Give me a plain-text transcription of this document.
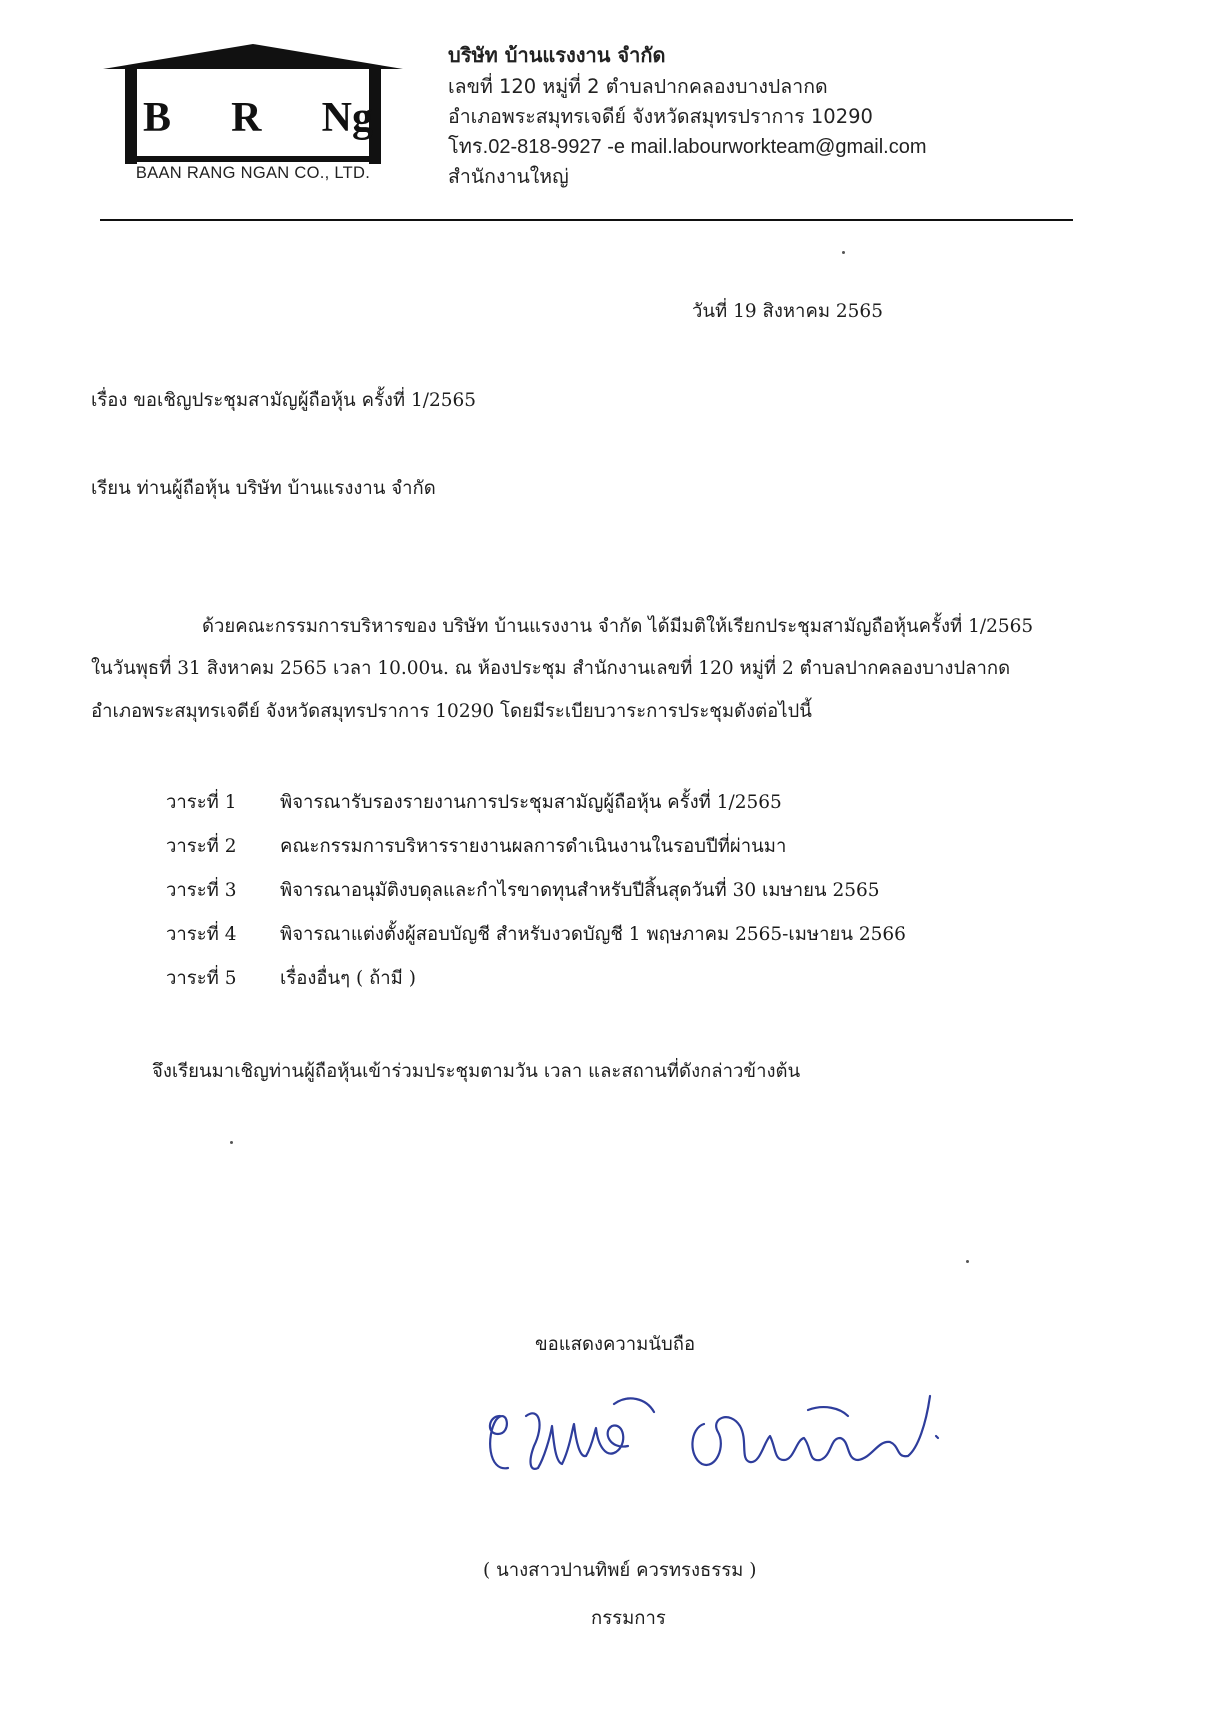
B R Ng
BAAN RANG NGAN CO., LTD.
บริษัท บ้านแรงงาน จำกัด
เลขที่ 120 หมู่ที่ 2 ตำบลปากคลองบางปลากด
อำเภอพระสมุทรเจดีย์ จังหวัดสมุทรปราการ 10290
โทร.02-818-9927 -e mail.labourworkteam@gmail.com
สำนักงานใหญ่
วันที่ 19 สิงหาคม 2565
เรื่อง ขอเชิญประชุมสามัญผู้ถือหุ้น ครั้งที่ 1/2565
เรียน ท่านผู้ถือหุ้น บริษัท บ้านแรงงาน จำกัด
ด้วยคณะกรรมการบริหารของ บริษัท บ้านแรงงาน จำกัด ได้มีมติให้เรียกประชุมสามัญถือหุ้นครั้งที่ 1/2565
ในวันพุธที่ 31 สิงหาคม 2565 เวลา 10.00น. ณ ห้องประชุม สำนักงานเลขที่ 120 หมู่ที่ 2 ตำบลปากคลองบางปลากด
อำเภอพระสมุทรเจดีย์ จังหวัดสมุทรปราการ 10290 โดยมีระเบียบวาระการประชุมดังต่อไปนี้
วาระที่ 1 พิจารณารับรองรายงานการประชุมสามัญผู้ถือหุ้น ครั้งที่ 1/2565
วาระที่ 2 คณะกรรมการบริหารรายงานผลการดำเนินงานในรอบปีที่ผ่านมา
วาระที่ 3 พิจารณาอนุมัติงบดุลและกำไรขาดทุนสำหรับปีสิ้นสุดวันที่ 30 เมษายน 2565
วาระที่ 4 พิจารณาแต่งตั้งผู้สอบบัญชี สำหรับงวดบัญชี 1 พฤษภาคม 2565-เมษายน 2566
วาระที่ 5 เรื่องอื่นๆ ( ถ้ามี )
จึงเรียนมาเชิญท่านผู้ถือหุ้นเข้าร่วมประชุมตามวัน เวลา และสถานที่ดังกล่าวข้างต้น
ขอแสดงความนับถือ
( นางสาวปานทิพย์ ควรทรงธรรม )
กรรมการ
